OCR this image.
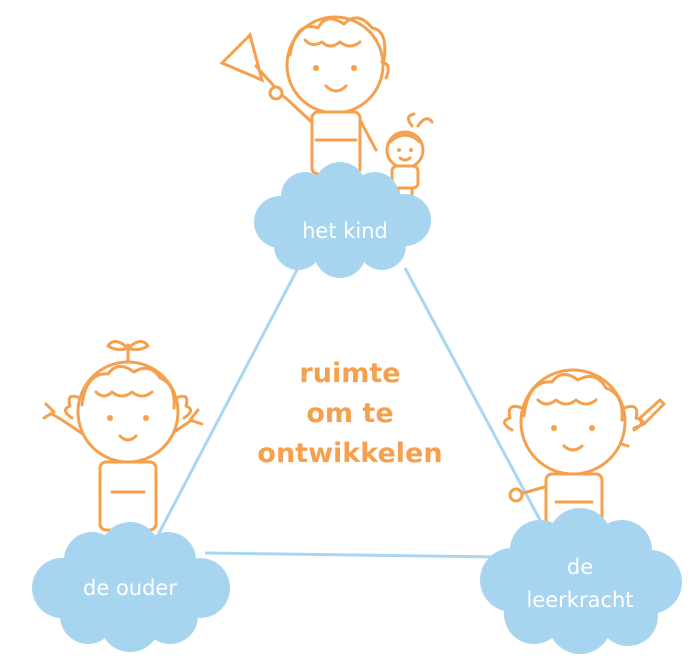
het kind
de ouder
de
leerkracht
ruimte
om te
ontwikkelen
